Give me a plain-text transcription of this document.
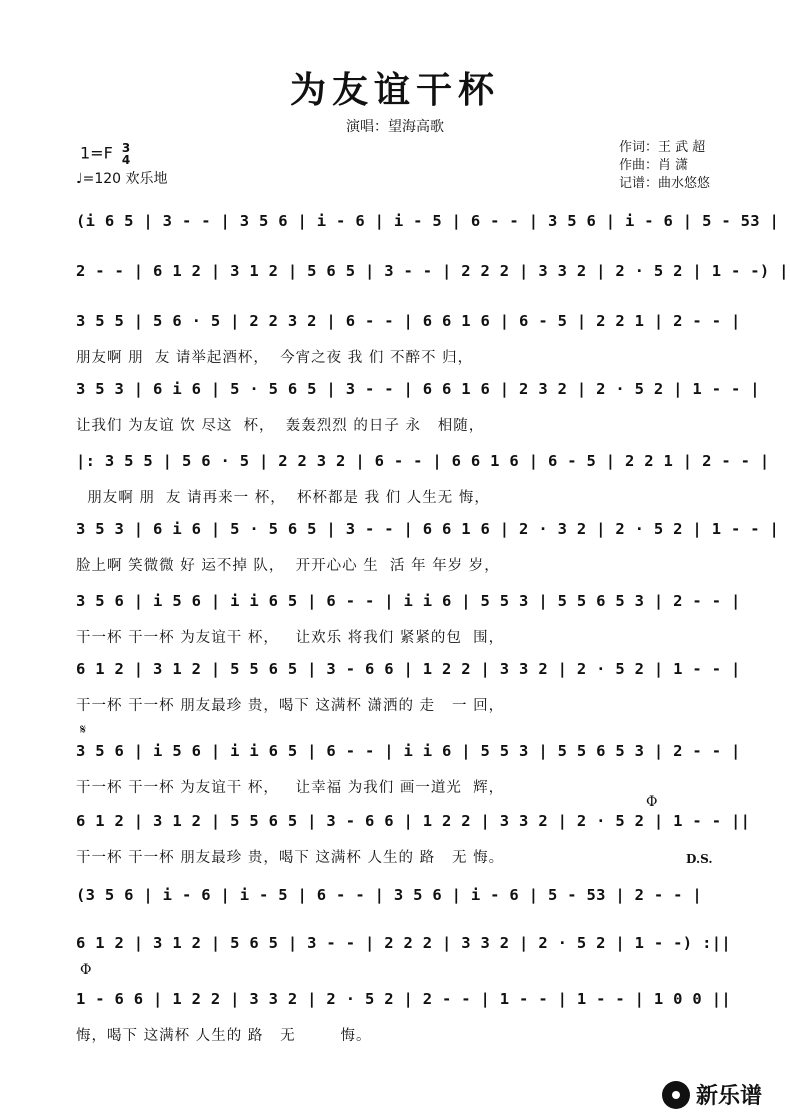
为友谊干杯
演唱：望海高歌
1=F 3
4
♩=120 欢乐地
作词：王 武 超
作曲：肖 潇
记谱：曲水悠悠
(i 6 5 | 3 - - | 3 5 6 | i - 6 | i - 5 | 6 - - | 3 5 6 | i - 6 | 5 - 53 |
2 - - | 6 1 2 | 3 1 2 | 5 6 5 | 3 - - | 2 2 2 | 3 3 2 | 2 · 5 2 | 1 - -) |
3 5 5 | 5 6 · 5 | 2 2 3 2 | 6 - - | 6 6 1 6 | 6 - 5 | 2 2 1 | 2 - - |
朋友啊 朋  友 请举起酒杯，  今宵之夜 我 们 不醉不 归，
3 5 3 | 6 i 6 | 5 · 5 6 5 | 3 - - | 6 6 1 6 | 2 3 2 | 2 · 5 2 | 1 - - |
让我们 为友谊 饮 尽这  杯，  轰轰烈烈 的日子 永   相随，
|: 3 5 5 | 5 6 · 5 | 2 2 3 2 | 6 - - | 6 6 1 6 | 6 - 5 | 2 2 1 | 2 - - |
朋友啊 朋  友 请再来一 杯，  杯杯都是 我 们 人生无 悔，
3 5 3 | 6 i 6 | 5 · 5 6 5 | 3 - - | 6 6 1 6 | 2 · 3 2 | 2 · 5 2 | 1 - - |
脸上啊 笑微微 好 运不掉 队，  开开心心 生  活 年 年岁 岁，
3 5 6 | i 5 6 | i i 6 5 | 6 - - | i i 6 | 5 5 3 | 5 5 6 5 3 | 2 - - |
干一杯 干一杯 为友谊干 杯，   让欢乐 将我们 紧紧的包  围，
6 1 2 | 3 1 2 | 5 5 6 5 | 3 - 6 6 | 1 2 2 | 3 3 2 | 2 · 5 2 | 1 - - |
干一杯 干一杯 朋友最珍 贵，喝下 这满杯 潇洒的 走   一 回，
3 5 6 | i 5 6 | i i 6 5 | 6 - - | i i 6 | 5 5 3 | 5 5 6 5 3 | 2 - - |
干一杯 干一杯 为友谊干 杯，   让幸福 为我们 画一道光  辉，
6 1 2 | 3 1 2 | 5 5 6 5 | 3 - 6 6 | 1 2 2 | 3 3 2 | 2 · 5 2 | 1 - - ||
干一杯 干一杯 朋友最珍 贵，喝下 这满杯 人生的 路   无 悔。
(3 5 6 | i - 6 | i - 5 | 6 - - | 3 5 6 | i - 6 | 5 - 53 | 2 - - |
6 1 2 | 3 1 2 | 5 6 5 | 3 - - | 2 2 2 | 3 3 2 | 2 · 5 2 | 1 - -) :||
1 - 6 6 | 1 2 2 | 3 3 2 | 2 · 5 2 | 2 - - | 1 - - | 1 - - | 1 0 0 ||
悔，喝下 这满杯 人生的 路   无        悔。
𝄋
Φ
D.S.
Φ
新乐谱
